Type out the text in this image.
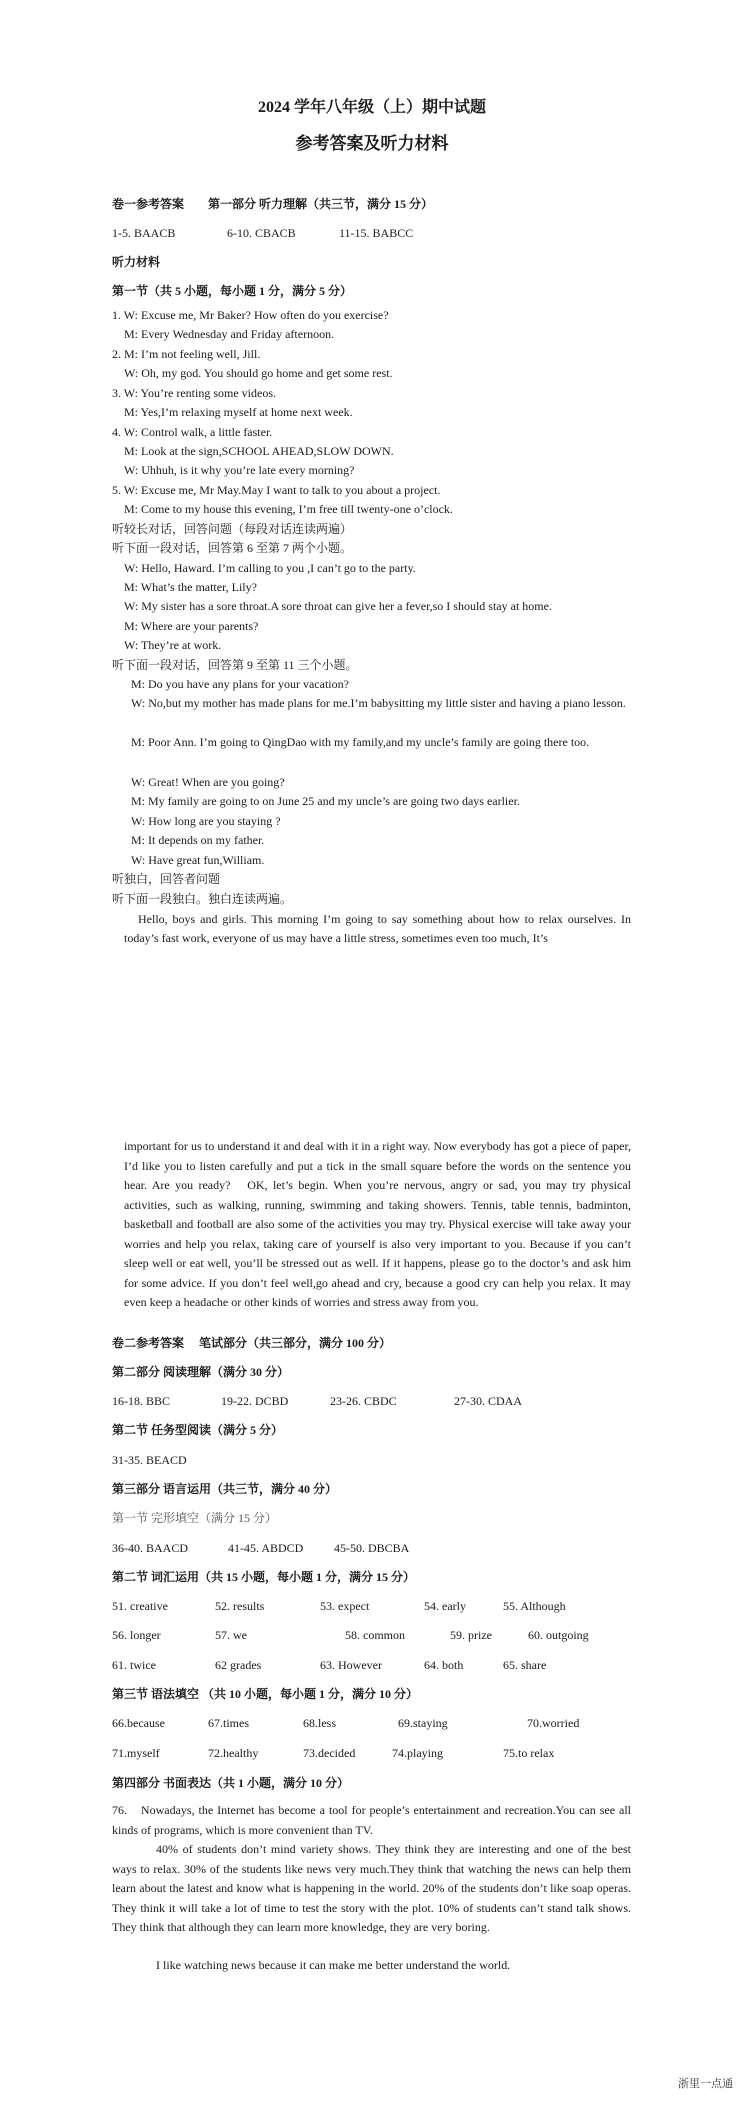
2024 学年八年级（上）期中试题
参考答案及听力材料
卷一参考答案　　第一部分 听力理解（共三节，满分 15 分）
1-5. BAACB	6-10. CBACB	11-15. BABCC
听力材料
第一节（共 5 小题，每小题 1 分，满分 5 分）
1. W: Excuse me, Mr Baker? How often do you exercise?
M: Every Wednesday and Friday afternoon.
2. M: I’m not feeling well, Jill.
W: Oh, my god. You should go home and get some rest.
3. W: You’re renting some videos.
M: Yes,I’m relaxing myself at home next week.
4. W: Control walk, a little faster.
M: Look at the sign,SCHOOL AHEAD,SLOW DOWN.
W: Uhhuh, is it why you’re late every morning?
5. W: Excuse me, Mr May.May I want to talk to you about a project.
M: Come to my house this evening, I’m free till twenty-one o’clock.
听较长对话，回答问题（每段对话连读两遍）
听下面一段对话，回答第 6 至第 7 两个小题。
W: Hello, Haward. I’m calling to you ,I can’t go to the party.
M: What’s the matter, Lily?
W: My sister has a sore throat.A sore throat can give her a fever,so I should stay at home.
M: Where are your parents?
W: They’re at work.
听下面一段对话，回答第 9 至第 11 三个小题。
M: Do you have any plans for your vacation?
W: No,but my mother has made plans for me.I’m babysitting my little sister and having a piano lesson.
M: Poor Ann. I’m going to QingDao with my family,and my uncle’s family are going there too.
W: Great! When are you going?
M: My family are going to on June 25 and my uncle’s are going two days earlier.
W: How long are you staying ?
M: It depends on my father.
W: Have great fun,William.
听独白，回答者问题
听下面一段独白。独白连读两遍。
Hello, boys and girls. This morning I’m going to say something about how to relax ourselves. In today’s fast work, everyone of us may have a little stress, sometimes even too much, It’s
important for us to understand it and deal with it in a right way. Now everybody has got a piece of paper, I’d like you to listen carefully and put a tick in the small square before the words on the sentence you hear. Are you ready?　OK, let’s begin. When you’re nervous, angry or sad, you may try physical activities, such as walking, running, swimming and taking showers. Tennis, table tennis, badminton, basketball and football are also some of the activities you may try. Physical exercise will take away your worries and help you relax, taking care of yourself is also very important to you. Because if you can’t sleep well or eat well, you’ll be stressed out as well. If it happens, please go to the doctor’s and ask him for some advice. If you don’t feel well,go ahead and cry, because a good cry can help you relax. It may even keep a headache or other kinds of worries and stress away from you.
卷二参考答案　 笔试部分（共三部分，满分 100 分）
第二部分 阅读理解（满分 30 分）
16-18. BBC	19-22. DCBD	23-26. CBDC	27-30. CDAA
第二节 任务型阅读（满分 5 分）
31-35. BEACD
第三部分 语言运用（共三节，满分 40 分）
第一节 完形填空（满分 15 分）
36-40. BAACD	41-45. ABDCD	45-50. DBCBA
第二节 词汇运用（共 15 小题，每小题 1 分，满分 15 分）
51. creative	52. results	53. expect	54. early	55. Although
56. longer	57. we	58. common	59. prize	60. outgoing
61. twice	62 grades	63. However	64. both	65. share
第三节 语法填空 （共 10 小题，每小题 1 分，满分 10 分）
66.because	67.times	68.less	69.staying	70.worried
71.myself	72.healthy	73.decided	74.playing	75.to relax
第四部分 书面表达（共 1 小题，满分 10 分）
76.　Nowadays, the Internet has become a tool for people’s entertainment and recreation.You can see all kinds of programs, which is more convenient than TV.
40% of students don’t mind variety shows. They think they are interesting and one of the best ways to relax. 30% of the students like news very much.They think that watching the news can help them learn about the latest and know what is happening in the world. 20% of the students don’t like soap operas. They think it will take a lot of time to test the story with the plot. 10% of students can’t stand talk shows. They think that although they can learn more knowledge, they are very boring.
I like watching news because it can make me better understand the world.
浙里一点通
